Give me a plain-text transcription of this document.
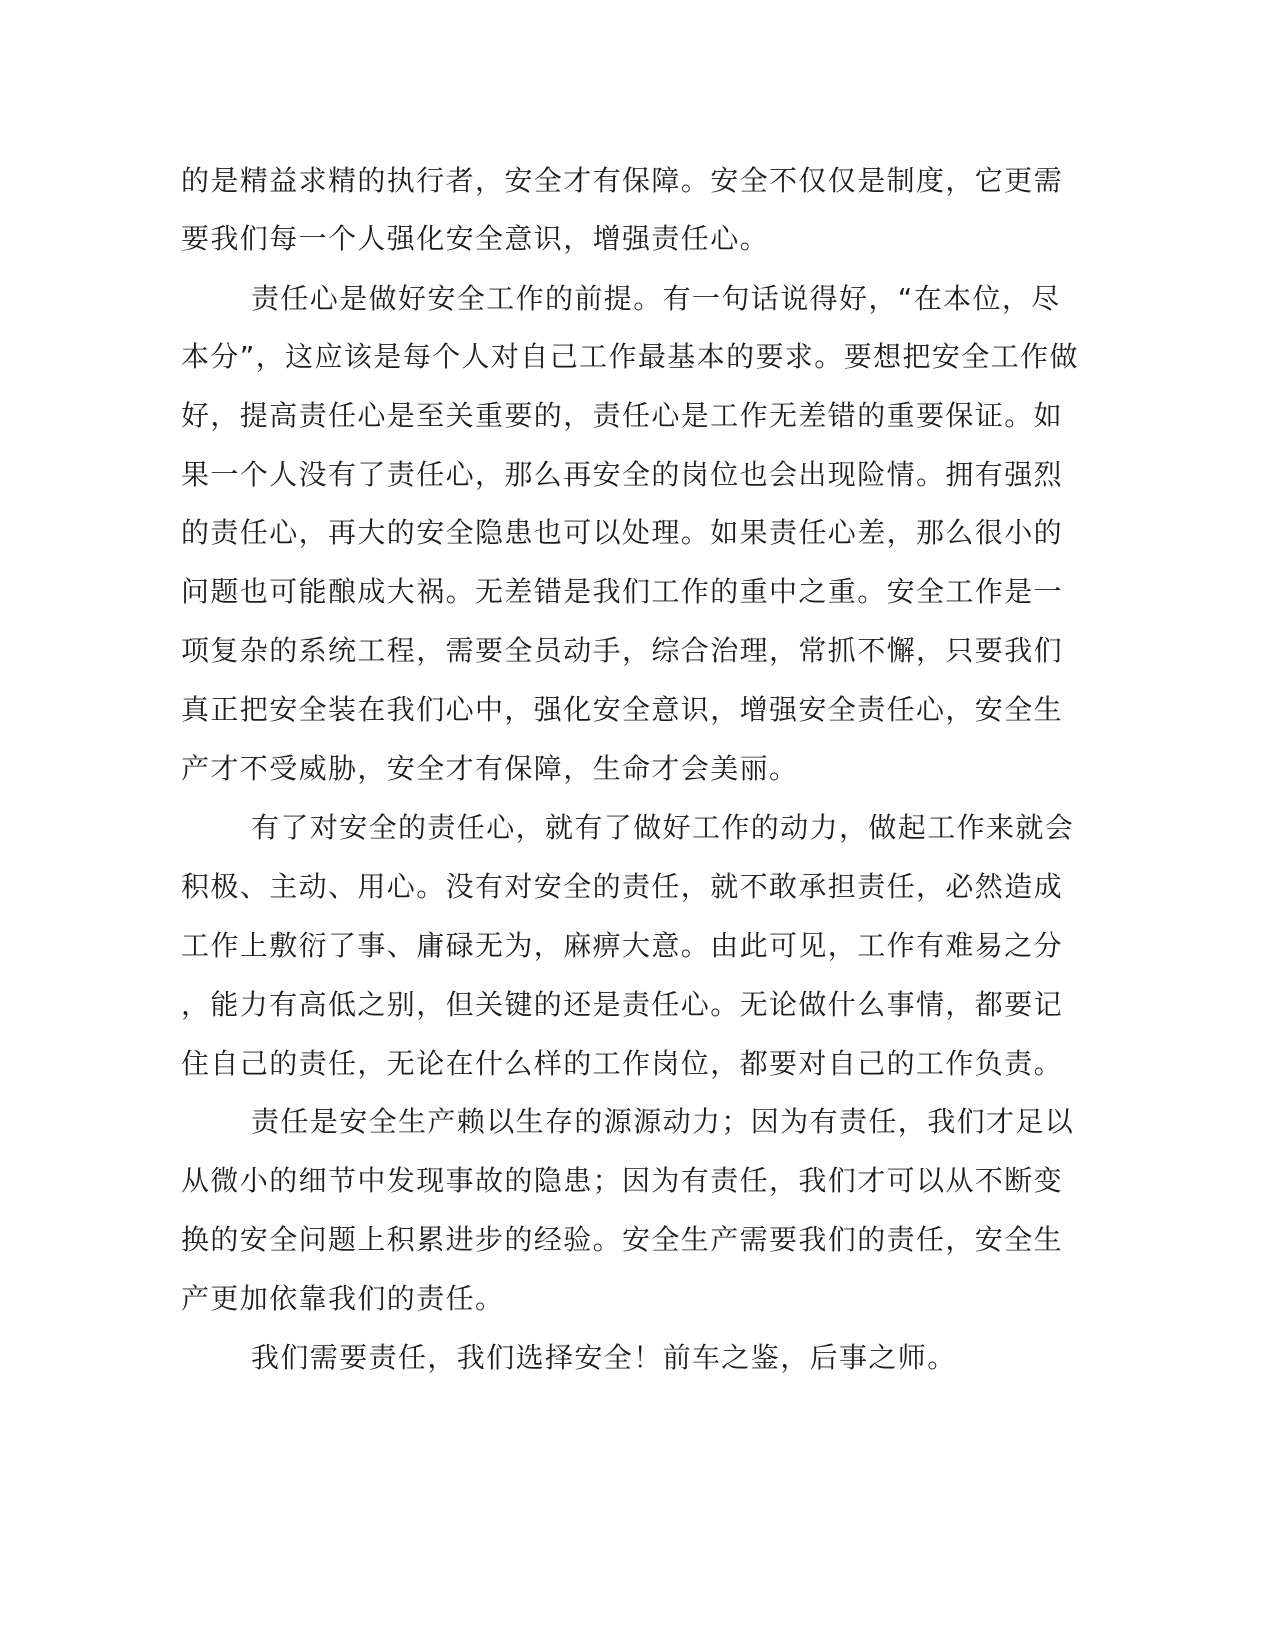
的是精益求精的执行者，安全才有保障。安全不仅仅是制度，它更需
要我们每一个人强化安全意识，增强责任心。
责任心是做好安全工作的前提。有一句话说得好，“在本位，尽
本分”，这应该是每个人对自己工作最基本的要求。要想把安全工作做
好，提高责任心是至关重要的，责任心是工作无差错的重要保证。如
果一个人没有了责任心，那么再安全的岗位也会出现险情。拥有强烈
的责任心，再大的安全隐患也可以处理。如果责任心差，那么很小的
问题也可能酿成大祸。无差错是我们工作的重中之重。安全工作是一
项复杂的系统工程，需要全员动手，综合治理，常抓不懈，只要我们
真正把安全装在我们心中，强化安全意识，增强安全责任心，安全生
产才不受威胁，安全才有保障，生命才会美丽。
有了对安全的责任心，就有了做好工作的动力，做起工作来就会
积极、主动、用心。没有对安全的责任，就不敢承担责任，必然造成
工作上敷衍了事、庸碌无为，麻痹大意。由此可见，工作有难易之分
，能力有高低之别，但关键的还是责任心。无论做什么事情，都要记
住自己的责任，无论在什么样的工作岗位，都要对自己的工作负责。
责任是安全生产赖以生存的源源动力；因为有责任，我们才足以
从微小的细节中发现事故的隐患；因为有责任，我们才可以从不断变
换的安全问题上积累进步的经验。安全生产需要我们的责任，安全生
产更加依靠我们的责任。
我们需要责任，我们选择安全！前车之鉴，后事之师。
